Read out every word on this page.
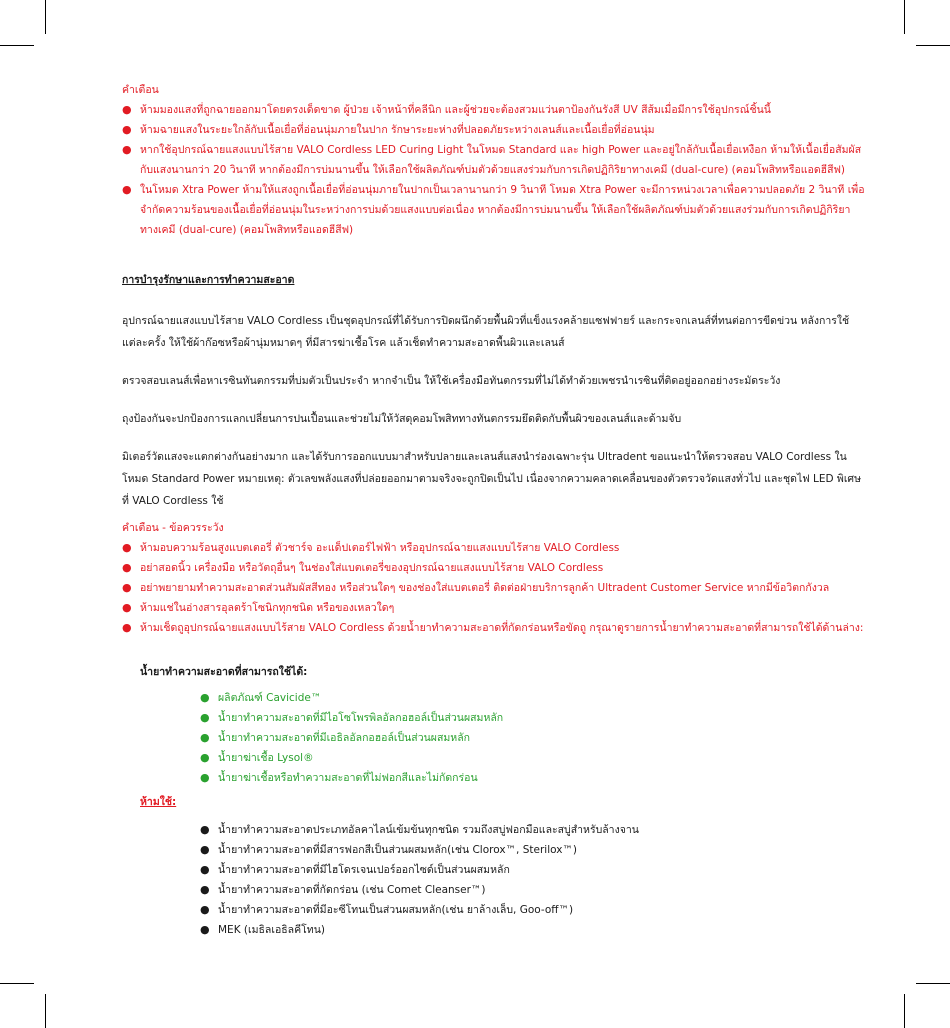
คำเตือน

● ห้ามมองแสงที่ถูกฉายออกมาโดยตรงเด็ดขาด ผู้ป่วย เจ้าหน้าที่คลีนิก และผู้ช่วยจะต้องสวมแว่นตาป้องกันรังสี UV สีส้มเมื่อมีการใช้อุปกรณ์ชิ้นนี้
● ห้ามฉายแสงในระยะใกล้กับเนื้อเยื่อที่อ่อนนุ่มภายในปาก รักษาระยะห่างที่ปลอดภัยระหว่างเลนส์และเนื้อเยื่อที่อ่อนนุ่ม
● หากใช้อุปกรณ์ฉายแสงแบบไร้สาย VALO Cordless LED Curing Light ในโหมด Standard และ high Power และอยู่ใกล้กับเนื้อเยื่อเหงือก ห้ามให้เนื้อเยื่อสัมผัสกับแสงนานกว่า 20 วินาที หากต้องมีการบ่มนานขึ้น ให้เลือกใช้ผลิตภัณฑ์บ่มตัวด้วยแสงร่วมกับการเกิดปฏิกิริยาทางเคมี (dual-cure) (คอมโพสิทหรือแอดฮีสีฟ)
● ในโหมด Xtra Power ห้ามให้แสงถูกเนื้อเยื่อที่อ่อนนุ่มภายในปากเป็นเวลานานกว่า 9 วินาที โหมด Xtra Power จะมีการหน่วงเวลาเพื่อความปลอดภัย 2 วินาที เพื่อจำกัดความร้อนของเนื้อเยื่อที่อ่อนนุ่มในระหว่างการบ่มด้วยแสงแบบต่อเนื่อง หากต้องมีการบ่มนานขึ้น ให้เลือกใช้ผลิตภัณฑ์บ่มตัวด้วยแสงร่วมกับการเกิดปฏิกิริยาทางเคมี (dual-cure) (คอมโพสิทหรือแอดฮีสีฟ)

การบำรุงรักษาและการทำความสะอาด

อุปกรณ์ฉายแสงแบบไร้สาย VALO Cordless เป็นชุดอุปกรณ์ที่ได้รับการปิดผนึกด้วยพื้นผิวที่แข็งแรงคล้ายแซฟฟายร์ และกระจกเลนส์ที่ทนต่อการขีดข่วน หลังการใช้แต่ละครั้ง ให้ใช้ผ้าก๊อซหรือผ้านุ่มหมาดๆ ที่มีสารฆ่าเชื้อโรค แล้วเช็ดทำความสะอาดพื้นผิวและเลนส์

ตรวจสอบเลนส์เพื่อหาเรซินทันตกรรมที่บ่มตัวเป็นประจำ หากจำเป็น ให้ใช้เครื่องมือทันตกรรมที่ไม่ได้ทำด้วยเพชรนำเรซินที่ติดอยู่ออกอย่างระมัดระวัง

ถุงป้องกันจะปกป้องการแลกเปลี่ยนการปนเปื้อนและช่วยไม่ให้วัสดุคอมโพสิททางทันตกรรมยึดติดกับพื้นผิวของเลนส์และด้ามจับ

มิเตอร์วัดแสงจะแตกต่างกันอย่างมาก และได้รับการออกแบบมาสำหรับปลายและเลนส์แสงนำร่องเฉพาะรุ่น Ultradent ขอแนะนำให้ตรวจสอบ VALO Cordless ในโหมด Standard Power หมายเหตุ: ตัวเลขพลังแสงที่ปล่อยออกมาตามจริงจะถูกปิดเป็นไป เนื่องจากความคลาดเคลื่อนของตัวตรวจวัดแสงทั่วไป และชุดไฟ LED พิเศษที่ VALO Cordless ใช้

คำเตือน - ข้อควรระวัง

● ห้ามอบความร้อนสูงแบตเตอรี่ ตัวชาร์จ อะแด็ปเตอร์ไฟฟ้า หรืออุปกรณ์ฉายแสงแบบไร้สาย VALO Cordless
● อย่าสอดนิ้ว เครื่องมือ หรือวัตถุอื่นๆ ในช่องใส่แบตเตอรี่ของอุปกรณ์ฉายแสงแบบไร้สาย VALO Cordless
● อย่าพยายามทำความสะอาดส่วนสัมผัสสีทอง หรือส่วนใดๆ ของช่องใส่แบตเตอรี่ ติดต่อฝ่ายบริการลูกค้า Ultradent Customer Service หากมีข้อวิตกกังวล
● ห้ามแช่ในอ่างสารอุลตร้าโซนิกทุกชนิด หรือของเหลวใดๆ
● ห้ามเช็ดถูอุปกรณ์ฉายแสงแบบไร้สาย VALO Cordless ด้วยน้ำยาทำความสะอาดที่กัดกร่อนหรือขัดถู กรุณาดูรายการน้ำยาทำความสะอาดที่สามารถใช้ได้ด้านล่าง:

น้ำยาทำความสะอาดที่สามารถใช้ได้:

● ผลิตภัณฑ์ Cavicide™
● น้ำยาทำความสะอาดที่มีไอโซโพรพิลอัลกอฮอล์เป็นส่วนผสมหลัก
● น้ำยาทำความสะอาดที่มีเอธิลอัลกอฮอล์เป็นส่วนผสมหลัก
● น้ำยาฆ่าเชื้อ Lysol®
● น้ำยาฆ่าเชื้อหรือทำความสะอาดที่ไม่ฟอกสีและไม่กัดกร่อน

ห้ามใช้:

● น้ำยาทำความสะอาดประเภทอัลคาไลน์เข้มข้นทุกชนิด รวมถึงสบู่ฟอกมือและสบู่สำหรับล้างจาน
● น้ำยาทำความสะอาดที่มีสารฟอกสีเป็นส่วนผสมหลัก(เช่น Clorox™, Sterilox™)
● น้ำยาทำความสะอาดที่มีไฮโดรเจนเปอร์ออกไซด์เป็นส่วนผสมหลัก
● น้ำยาทำความสะอาดที่กัดกร่อน (เช่น Comet Cleanser™)
● น้ำยาทำความสะอาดที่มีอะซีโทนเป็นส่วนผสมหลัก(เช่น ยาล้างเล็บ, Goo-off™)
● MEK (เมธิลเอธิลคีโทน)
